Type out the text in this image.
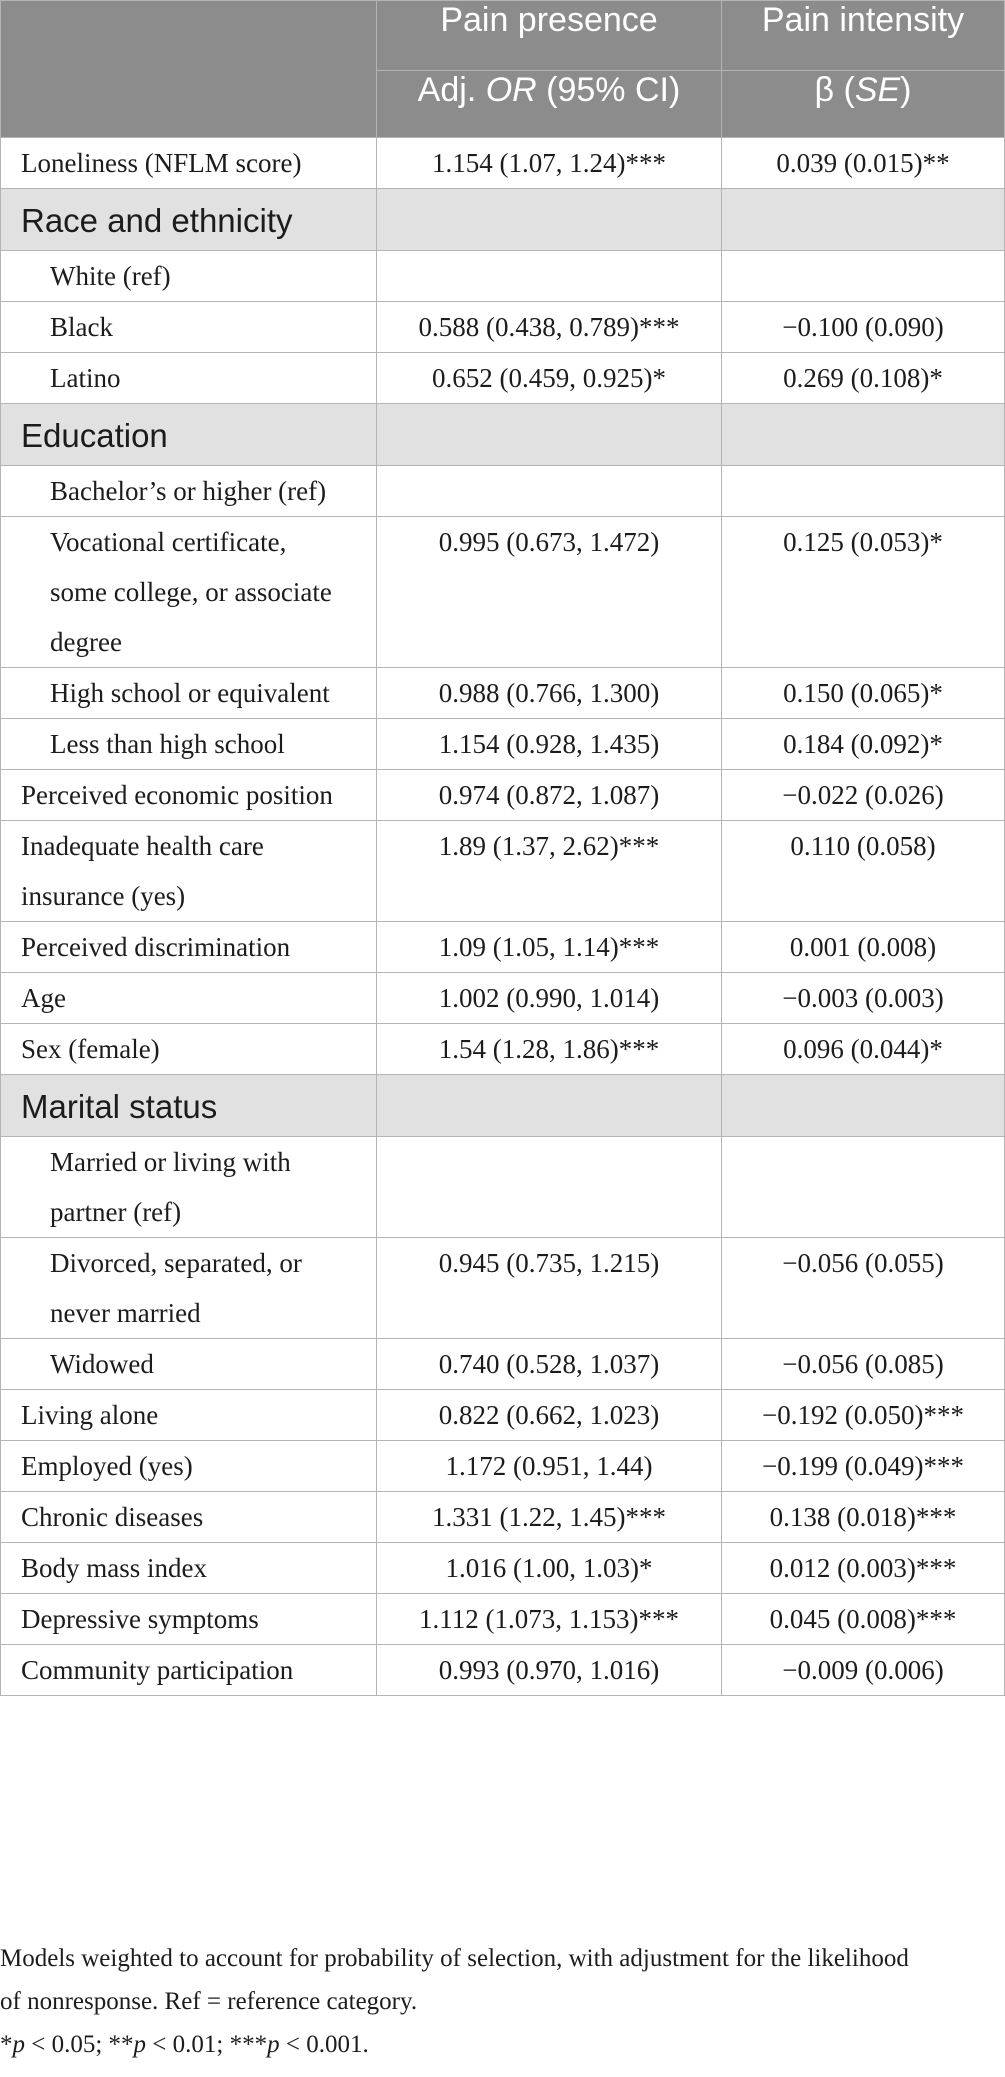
	Pain presence	Pain intensity
	Adj. OR (95% CI)	β (SE)
Loneliness (NFLM score)	1.154 (1.07, 1.24)***	0.039 (0.015)**
Race and ethnicity		
White (ref)		
Black	0.588 (0.438, 0.789)***	−0.100 (0.090)
Latino	0.652 (0.459, 0.925)*	0.269 (0.108)*
Education		
Bachelor’s or higher (ref)		
Vocational certificate,
some college, or associate
degree	0.995 (0.673, 1.472)	0.125 (0.053)*
High school or equivalent	0.988 (0.766, 1.300)	0.150 (0.065)*
Less than high school	1.154 (0.928, 1.435)	0.184 (0.092)*
Perceived economic position	0.974 (0.872, 1.087)	−0.022 (0.026)
Inadequate health care
insurance (yes)	1.89 (1.37, 2.62)***	0.110 (0.058)
Perceived discrimination	1.09 (1.05, 1.14)***	0.001 (0.008)
Age	1.002 (0.990, 1.014)	−0.003 (0.003)
Sex (female)	1.54 (1.28, 1.86)***	0.096 (0.044)*
Marital status		
Married or living with
partner (ref)		
Divorced, separated, or
never married	0.945 (0.735, 1.215)	−0.056 (0.055)
Widowed	0.740 (0.528, 1.037)	−0.056 (0.085)
Living alone	0.822 (0.662, 1.023)	−0.192 (0.050)***
Employed (yes)	1.172 (0.951, 1.44)	−0.199 (0.049)***
Chronic diseases	1.331 (1.22, 1.45)***	0.138 (0.018)***
Body mass index	1.016 (1.00, 1.03)*	0.012 (0.003)***
Depressive symptoms	1.112 (1.073, 1.153)***	0.045 (0.008)***
Community participation	0.993 (0.970, 1.016)	−0.009 (0.006)

Models weighted to account for probability of selection, with adjustment for the likelihood

of nonresponse. Ref = reference category.

*p < 0.05; **p < 0.01; ***p < 0.001.
